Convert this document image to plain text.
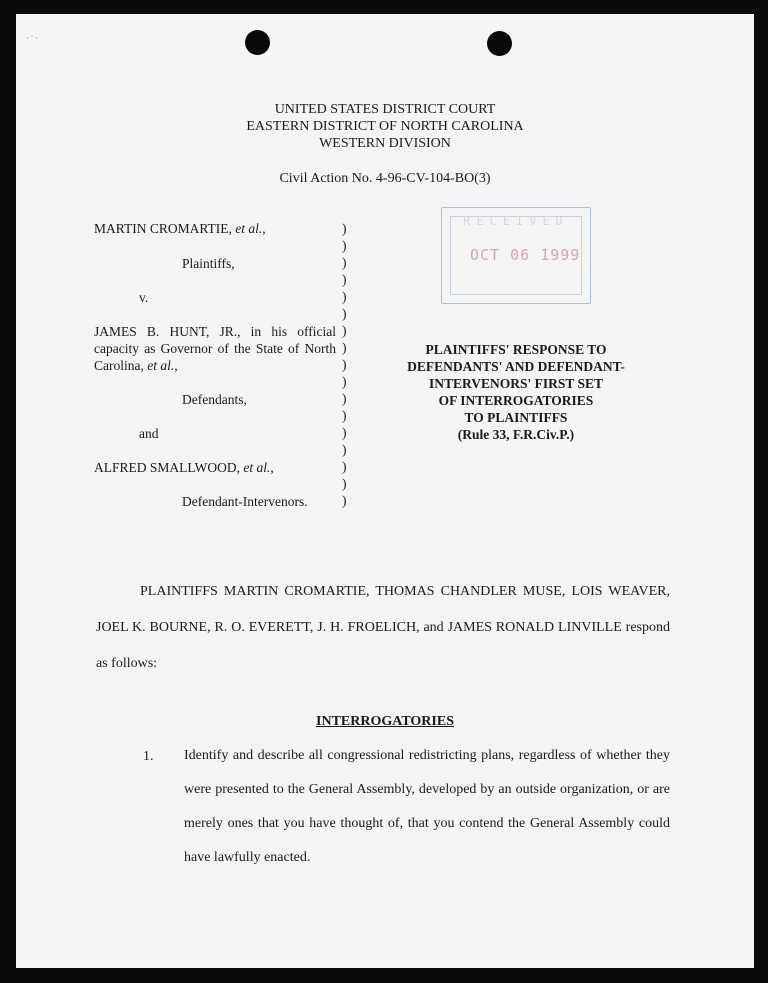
· ˙ ·
UNITED STATES DISTRICT COURT
EASTERN DISTRICT OF NORTH CAROLINA
WESTERN DIVISION
Civil Action No. 4-96-CV-104-BO(3)
MARTIN CROMARTIE, et al.,
Plaintiffs,
v.
JAMES B. HUNT, JR., in his official
capacity as Governor of the State of North
Carolina, et al.,
Defendants,
and
ALFRED SMALLWOOD, et al.,
Defendant-Intervenors.
)
)
)
)
)
)
)
)
)
)
)
)
)
)
)
)
)
RECEIVED
OCT 06 1999
PLAINTIFFS' RESPONSE TO
DEFENDANTS' AND DEFENDANT-
INTERVENORS' FIRST SET
OF INTERROGATORIES
TO PLAINTIFFS
(Rule 33, F.R.Civ.P.)

PLAINTIFFS MARTIN CROMARTIE, THOMAS CHANDLER MUSE, LOIS WEAVER, JOEL K. BOURNE, R. O. EVERETT, J. H. FROELICH, and JAMES RONALD LINVILLE respond as follows:

INTERROGATORIES
1. Identify and describe all congressional redistricting plans, regardless of whether they were presented to the General Assembly, developed by an outside organization, or are merely ones that you have thought of, that you contend the General Assembly could have lawfully enacted.
